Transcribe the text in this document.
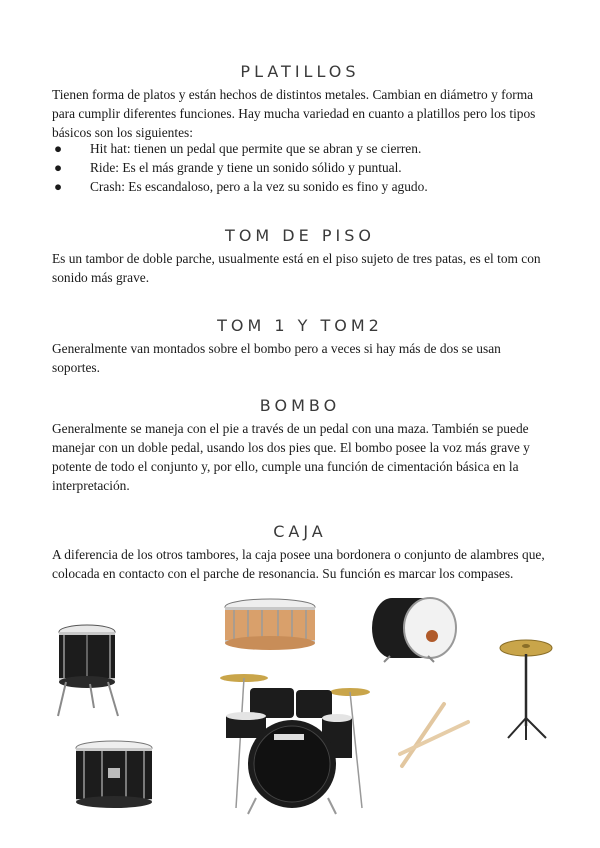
PLATILLOS

Tienen forma de platos y están hechos de distintos metales. Cambian en diámetro y forma para cumplir diferentes funciones. Hay mucha variedad en cuanto a platillos pero los tipos básicos son los siguientes:

● Hit hat: tienen un pedal que permite que se abran y se cierren.
● Ride: Es el más grande y tiene un sonido sólido y puntual.
● Crash: Es escandaloso, pero a la vez su sonido es fino y agudo.
TOM DE PISO

Es un tambor de doble parche, usualmente está en el piso sujeto de tres patas, es el tom con sonido más grave.

TOM 1 Y TOM2

Generalmente van montados sobre el bombo pero a veces si hay más de dos se usan soportes.

BOMBO

Generalmente se maneja con el pie a través de un pedal con una maza. También se puede manejar con un doble pedal, usando los dos pies que. El bombo posee la voz más grave y potente de todo el conjunto y, por ello, cumple una función de cimentación básica en la interpretación.

CAJA

A diferencia de los otros tambores, la caja posee una bordonera o conjunto de alambres que, colocada en contacto con el parche de resonancia. Su función es marcar los compases.
